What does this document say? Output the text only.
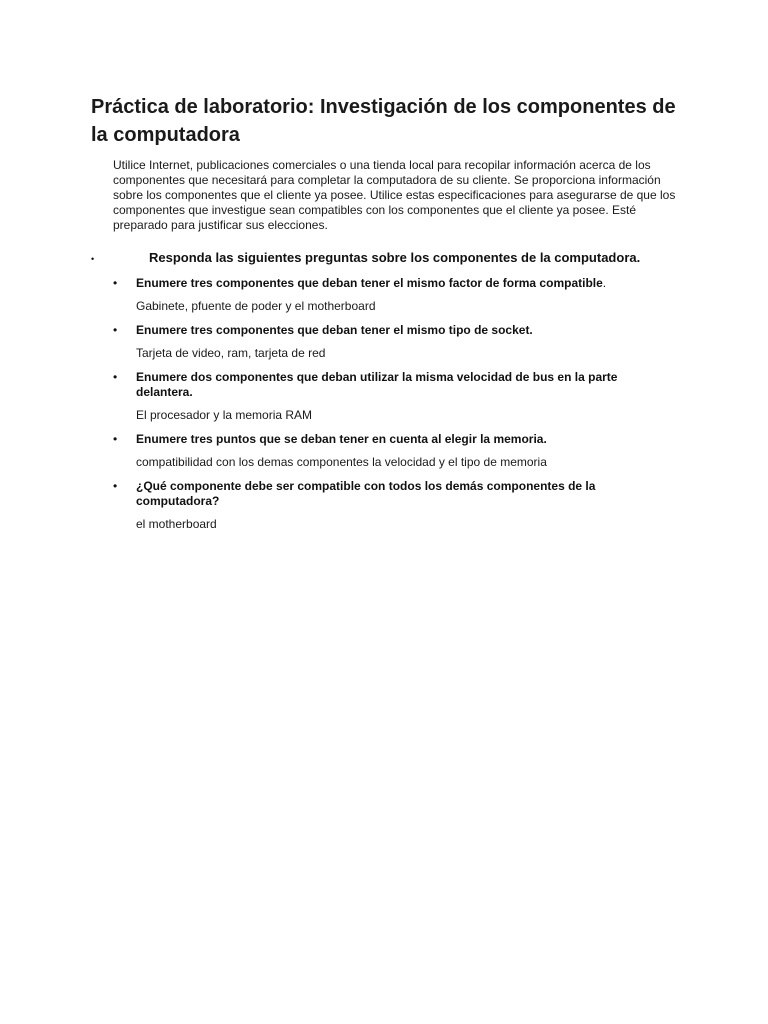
Práctica de laboratorio: Investigación de los componentes de la computadora

Utilice Internet, publicaciones comerciales o una tienda local para recopilar información acerca de los componentes que necesitará para completar la computadora de su cliente. Se proporciona información sobre los componentes que el cliente ya posee. Utilice estas especificaciones para asegurarse de que los componentes que investigue sean compatibles con los componentes que el cliente ya posee. Esté preparado para justificar sus elecciones.

•	Responda las siguientes preguntas sobre los componentes de la computadora.
• Enumere tres componentes que deban tener el mismo factor de forma compatible.

Gabinete, pfuente de poder y el motherboard

• Enumere tres componentes que deban tener el mismo tipo de socket.

Tarjeta de video, ram, tarjeta de red

• Enumere dos componentes que deban utilizar la misma velocidad de bus en la parte delantera.

El procesador y la memoria RAM

• Enumere tres puntos que se deban tener en cuenta al elegir la memoria.

compatibilidad con los demas componentes la velocidad y el tipo de memoria

• ¿Qué componente debe ser compatible con todos los demás componentes de la computadora?

el motherboard
